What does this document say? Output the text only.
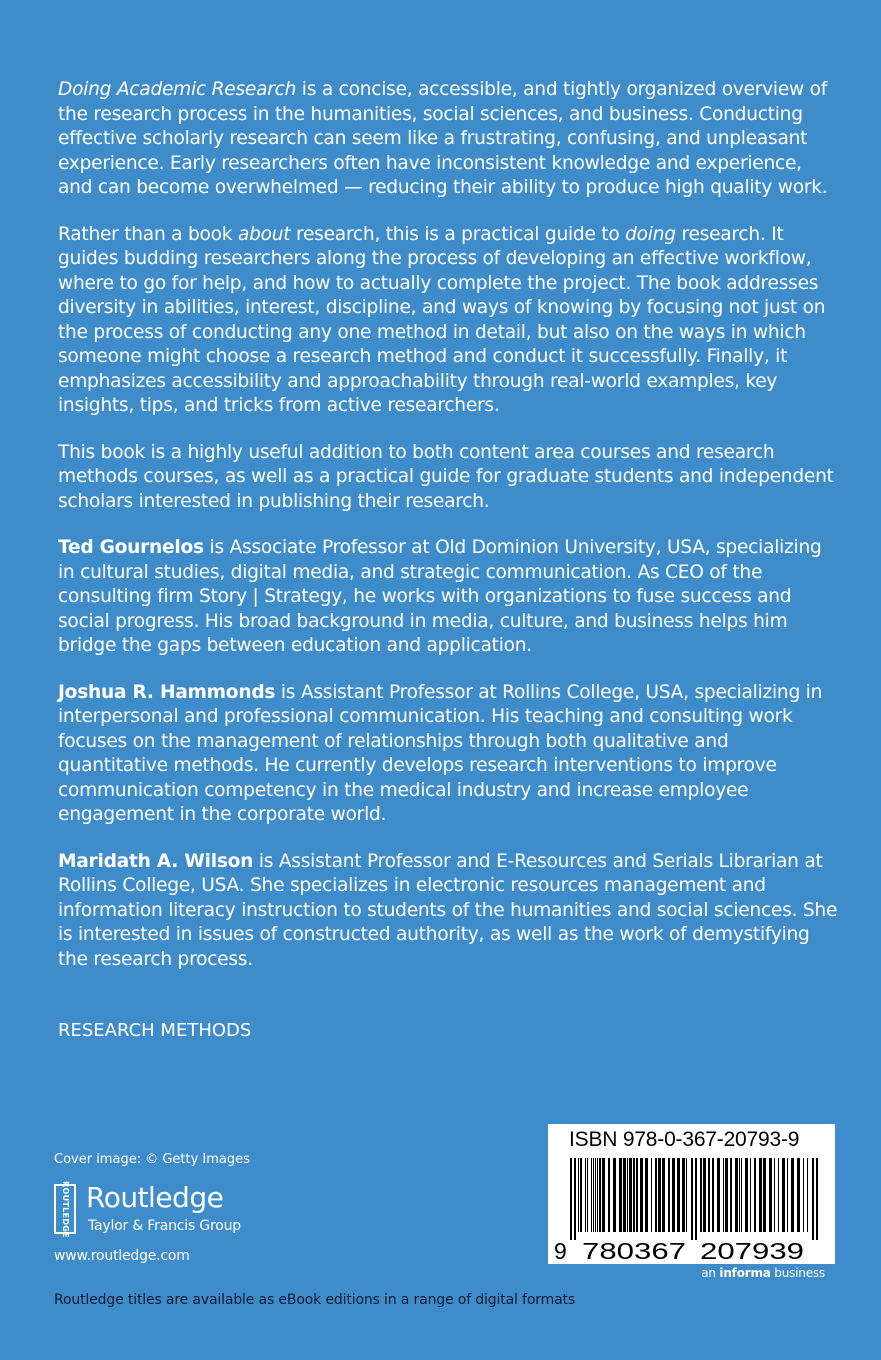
Doing Academic Research is a concise, accessible, and tightly organized overview of the research process in the humanities, social sciences, and business. Conducting effective scholarly research can seem like a frustrating, confusing, and unpleasant experience. Early researchers often have inconsistent knowledge and experience, and can become overwhelmed — reducing their ability to produce high quality work.

Rather than a book about research, this is a practical guide to doing research. It guides budding researchers along the process of developing an effective workflow, where to go for help, and how to actually complete the project. The book addresses diversity in abilities, interest, discipline, and ways of knowing by focusing not just on the process of conducting any one method in detail, but also on the ways in which someone might choose a research method and conduct it successfully. Finally, it emphasizes accessibility and approachability through real-world examples, key insights, tips, and tricks from active researchers.

This book is a highly useful addition to both content area courses and research methods courses, as well as a practical guide for graduate students and independent scholars interested in publishing their research.

Ted Gournelos is Associate Professor at Old Dominion University, USA, specializing in cultural studies, digital media, and strategic communication. As CEO of the consulting firm Story | Strategy, he works with organizations to fuse success and social progress. His broad background in media, culture, and business helps him bridge the gaps between education and application.

Joshua R. Hammonds is Assistant Professor at Rollins College, USA, specializing in interpersonal and professional communication. His teaching and consulting work focuses on the management of relationships through both qualitative and quantitative methods. He currently develops research interventions to improve communication competency in the medical industry and increase employee engagement in the corporate world.

Maridath A. Wilson is Assistant Professor and E-Resources and Serials Librarian at Rollins College, USA. She specializes in electronic resources management and information literacy instruction to students of the humanities and social sciences. She is interested in issues of constructed authority, as well as the work of demystifying the research process.

RESEARCH METHODS
Cover image: © Getty Images
ROUTLEDGE Routledge
Taylor & Francis Group
www.routledge.com
ISBN 978-0-367-20793-9
9 780367 207939
an informa business
Routledge titles are available as eBook editions in a range of digital formats
